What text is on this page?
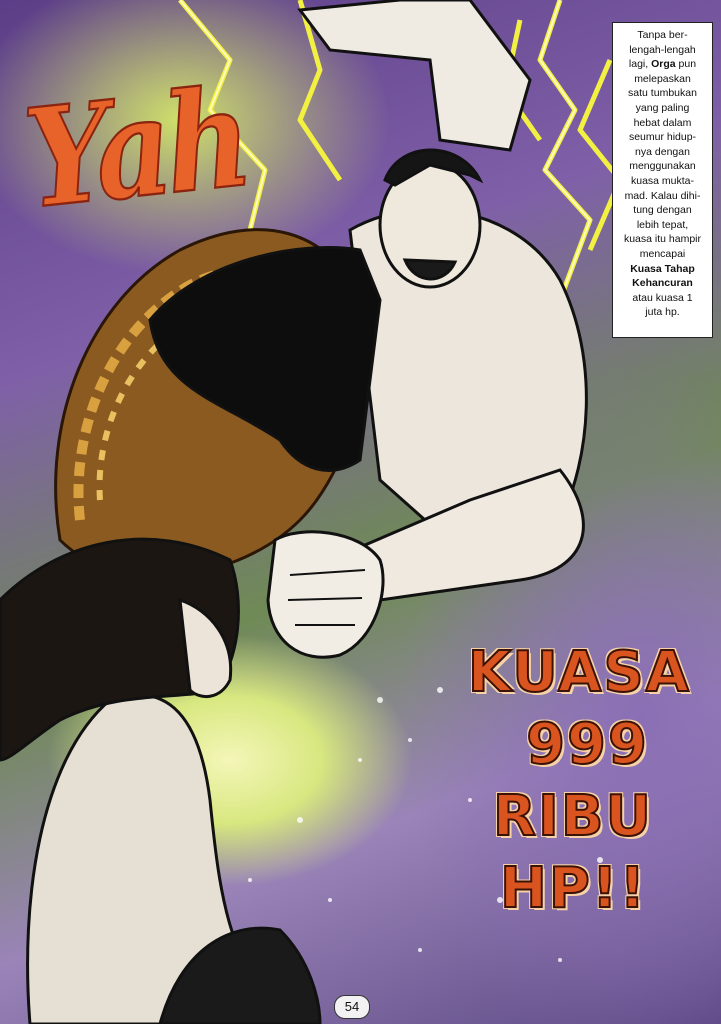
Yah
Tanpa ber-
lengah-lengah
lagi, Orga pun
melepaskan
satu tumbukan
yang paling
hebat dalam
seumur hidup-
nya dengan
menggunakan
kuasa mukta-
mad. Kalau dihi-
tung dengan
lebih tepat,
kuasa itu hampir
mencapai
Kuasa Tahap
Kehancuran
atau kuasa 1
juta hp.
KUASA
999
RIBU
HP!!
54
